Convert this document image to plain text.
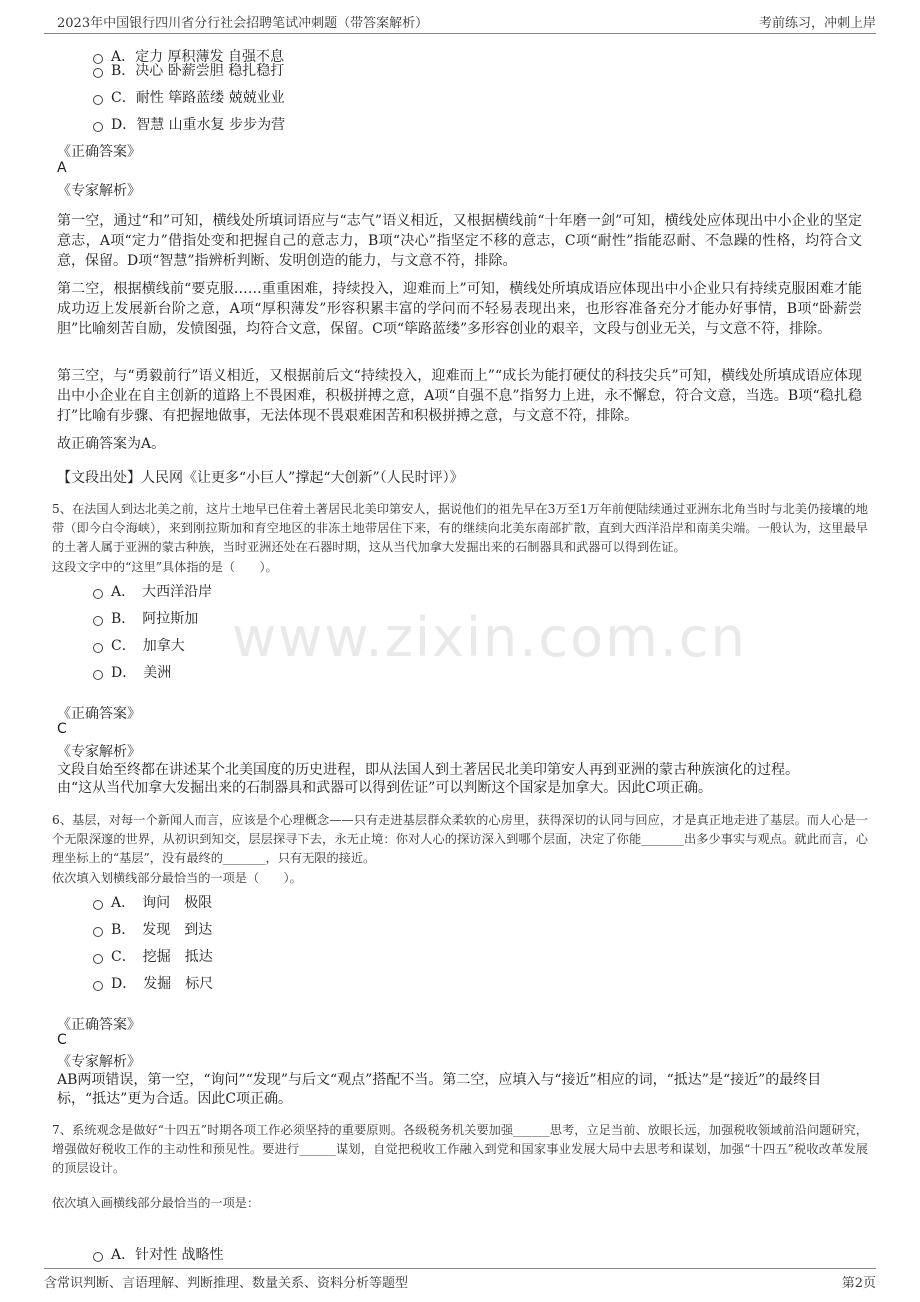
2023年中国银行四川省分行社会招聘笔试冲刺题（带答案解析）	考前练习，冲刺上岸
www.zixin.com.cn
A．定力 厚积薄发 自强不息
B．决心 卧薪尝胆 稳扎稳打
C．耐性 筚路蓝缕 兢兢业业
D．智慧 山重水复 步步为营
《正确答案》
A
《专家解析》
第一空，通过“和”可知，横线处所填词语应与“志气”语义相近，又根据横线前“十年磨一剑”可知，横线处应体现出中小企业的坚定意志，A项“定力”借指处变和把握自己的意志力，B项“决心”指坚定不移的意志，C项“耐性”指能忍耐、不急躁的性格，均符合文意，保留。D项“智慧”指辨析判断、发明创造的能力，与文意不符，排除。
第二空，根据横线前“要克服……重重困难，持续投入，迎难而上”可知，横线处所填成语应体现出中小企业只有持续克服困难才能成功迈上发展新台阶之意，A项“厚积薄发”形容积累丰富的学问而不轻易表现出来，也形容准备充分才能办好事情，B项“卧薪尝胆”比喻刻苦自励，发愤图强，均符合文意，保留。C项“筚路蓝缕”多形容创业的艰辛，文段与创业无关，与文意不符，排除。
第三空，与“勇毅前行”语义相近，又根据前后文“持续投入，迎难而上”“成长为能打硬仗的科技尖兵”可知，横线处所填成语应体现出中小企业在自主创新的道路上不畏困难，积极拼搏之意，A项“自强不息”指努力上进，永不懈怠，符合文意，当选。B项“稳扎稳打”比喻有步骤、有把握地做事，无法体现不畏艰难困苦和积极拼搏之意，与文意不符，排除。
故正确答案为A。
【文段出处】人民网《让更多“小巨人”撑起“大创新”（人民时评）》
5、在法国人到达北美之前，这片土地早已住着土著居民北美印第安人，据说他们的祖先早在3万至1万年前便陆续通过亚洲东北角当时与北美仍接壤的地带（即今白令海峡），来到刚拉斯加和育空地区的非冻土地带居住下来，有的继续向北美东南部扩散，直到大西洋沿岸和南美尖端。一般认为，这里最早的土著人属于亚洲的蒙古种族，当时亚洲还处在石器时期，这从当代加拿大发掘出来的石制器具和武器可以得到佐证。
这段文字中的“这里”具体指的是（　　）。
A．　大西洋沿岸
B．　阿拉斯加
C．　加拿大
D．　美洲
《正确答案》
C
《专家解析》
文段自始至终都在讲述某个北美国度的历史进程，即从法国人到土著居民北美印第安人再到亚洲的蒙古种族演化的过程。
由“这从当代加拿大发掘出来的石制器具和武器可以得到佐证”可以判断这个国家是加拿大。因此C项正确。
6、基层，对每一个新闻人而言，应该是个心理概念——只有走进基层群众柔软的心房里，获得深切的认同与回应，才是真正地走进了基层。而人心是一个无限深邃的世界，从初识到知交，层层探寻下去，永无止境：你对人心的探访深入到哪个层面，决定了你能_______出多少事实与观点。就此而言，心理坐标上的“基层”，没有最终的_______，只有无限的接近。
依次填入划横线部分最恰当的一项是（　　）。
A．　询问　极限
B．　发现　到达
C．　挖掘　抵达
D．　发掘　标尺
《正确答案》
C
《专家解析》
AB两项错误，第一空，“询问”“发现”与后文“观点”搭配不当。第二空，应填入与“接近”相应的词，“抵达”是“接近”的最终目
标，“抵达”更为合适。因此C项正确。
7、系统观念是做好“十四五”时期各项工作必须坚持的重要原则。各级税务机关要加强______思考，立足当前、放眼长远，加强税收领域前沿问题研究，增强做好税收工作的主动性和预见性。要进行______谋划，自觉把税收工作融入到党和国家事业发展大局中去思考和谋划，加强“十四五”税收改革发展的顶层设计。
依次填入画横线部分最恰当的一项是：
A．针对性 战略性
含常识判断、言语理解、判断推理、数量关系、资料分析等题型	第2页
